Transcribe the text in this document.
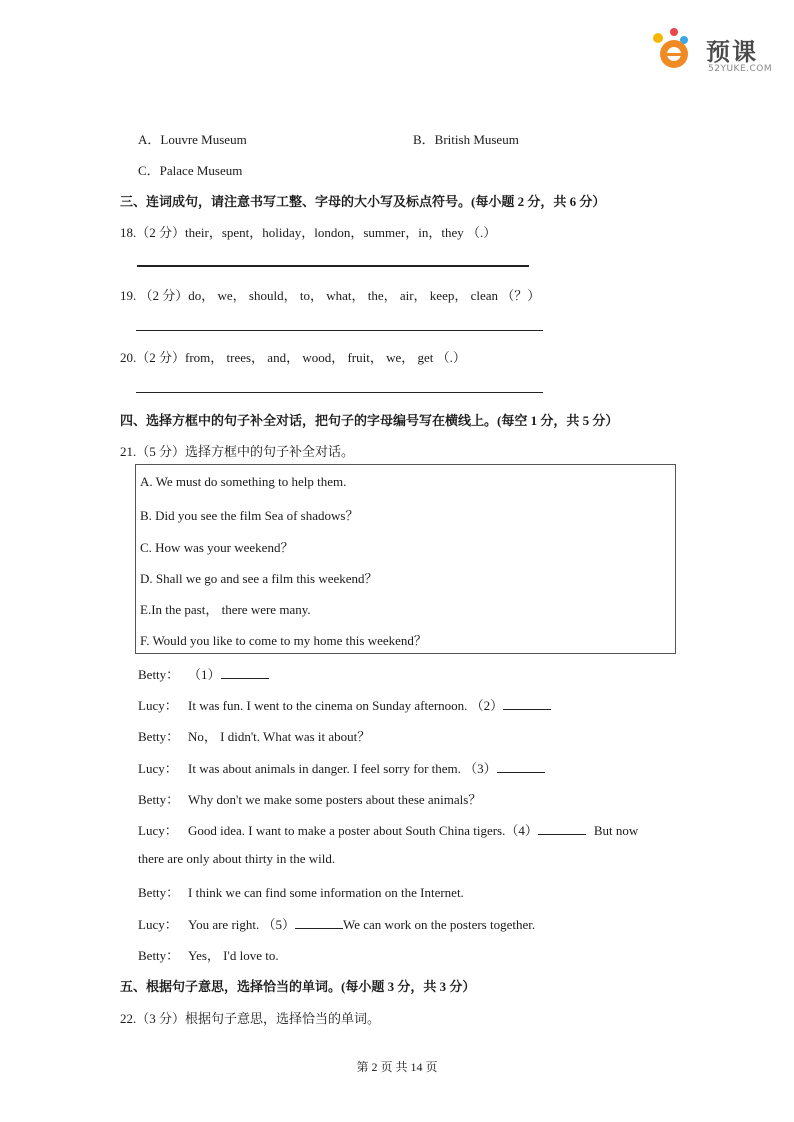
预课
52YUKE.COM
A．Louvre Museum	B．British Museum
C．Palace Museum
三、连词成句，请注意书写工整、字母的大小写及标点符号。(每小题 2 分，共 6 分）
18.（2 分）their，spent，holiday，london，summer，in，they （.）
19. （2 分）do， we， should， to， what， the， air， keep， clean （？）
20.（2 分）from， trees， and， wood， fruit， we， get （.）
四、选择方框中的句子补全对话，把句子的字母编号写在横线上。(每空 1 分，共 5 分）
21.（5 分）选择方框中的句子补全对话。
A. We must do something to help them.
B. Did you see the film Sea of shadows？
C. How was your weekend？
D. Shall we go and see a film this weekend？
E.In the past， there were many.
F. Would you like to come to my home this weekend？
Betty： （1）
Lucy： It was fun. I went to the cinema on Sunday afternoon. （2）
Betty： No， I didn't. What was it about？
Lucy： It was about animals in danger. I feel sorry for them. （3）
Betty： Why don't we make some posters about these animals？
Lucy： Good idea. I want to make a poster about South China tigers.（4）	But now
there are only about thirty in the wild.
Betty： I think we can find some information on the Internet.
Lucy： You are right. （5）	We can work on the posters together.
Betty： Yes， I'd love to.
五、根据句子意思，选择恰当的单词。(每小题 3 分，共 3 分）
22.（3 分）根据句子意思，选择恰当的单词。
第 2 页 共 14 页
